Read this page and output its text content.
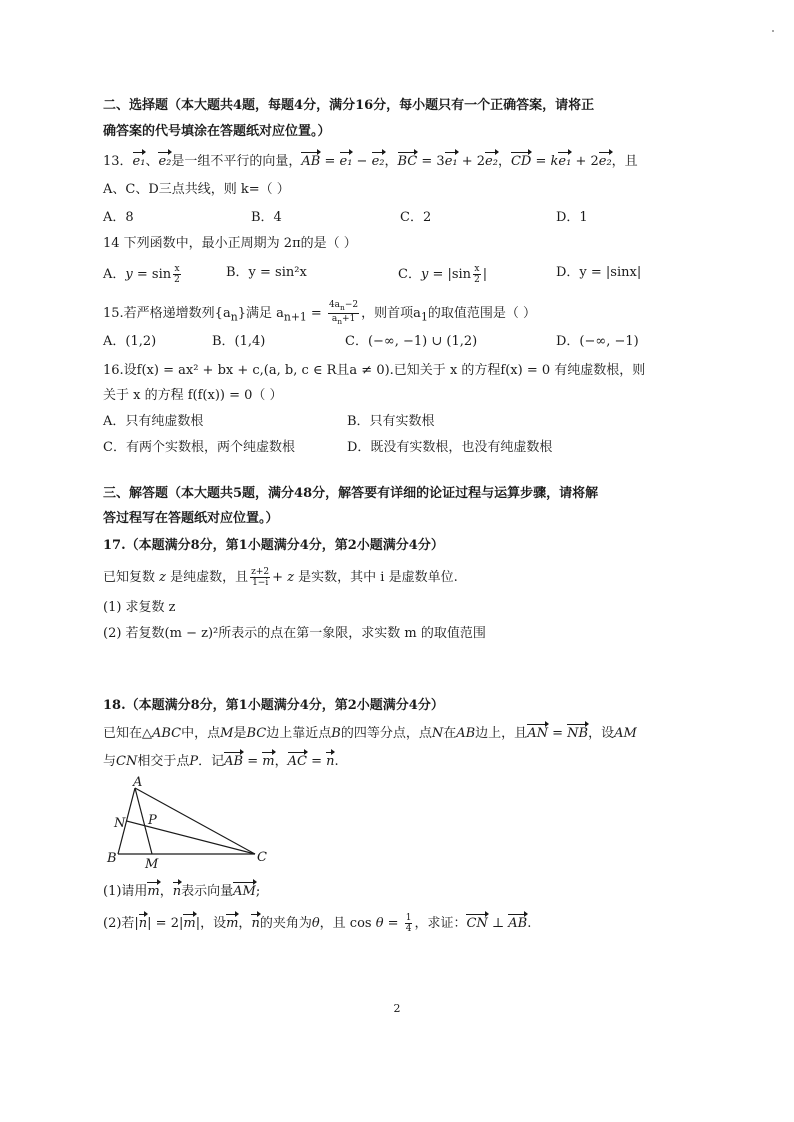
二、选择题（本大题共4题，每题4分，满分16分，每小题只有一个正确答案，请将正
确答案的代号填涂在答题纸对应位置。）
13．e₁、e₂是一组不平行的向量，AB = e₁ − e₂，BC = 3e₁ + 2e₂，CD = ke₁ + 2e₂，且
A、C、D三点共线，则 k=（ ）
A．8	B．4	C．2	D．1
14 下列函数中，最小正周期为 2π的是（ ）
A．$y = \sin \frac{x}{2}$	B．y = sin²x	C．$y = |\sin \frac{x}{2}$ |	D．y = |sinx|
15.若严格递增数列$\{a_n\}$满足 $a_{n+1} = \frac{4a_n-2}{a_n+1}$ ，则首项$a_1$的取值范围是（ ）
A．(1,2)	B．(1,4)	C．(−∞, −1) ∪ (1,2)	D．(−∞, −1)
16.设f(x) = ax² + bx + c,(a, b, c ∈ R且a ≠ 0).已知关于 x 的方程f(x) = 0 有纯虚数根，则
关于 x 的方程 f(f(x)) = 0（ ）
A．只有纯虚数根	B．只有实数根
C．有两个实数根，两个纯虚数根	D．既没有实数根，也没有纯虚数根
三、解答题（本大题共5题，满分48分，解答要有详细的论证过程与运算步骤，请将解
答过程写在答题纸对应位置。）
17.（本题满分8分，第1小题满分4分，第2小题满分4分）
已知复数 z 是纯虚数，且 $\frac{z+2}{1-i} + z$ 是实数，其中 i 是虚数单位.
(1) 求复数 z
(2) 若复数(m − z)²所表示的点在第一象限，求实数 m 的取值范围
18.（本题满分8分，第1小题满分4分，第2小题满分4分）
已知在△ABC中，点M是BC边上靠近点B的四等分点，点N在AB边上，且AN = NB，设AM
与CN相交于点P．记AB = m，AC = n.
A
B	C
M
N P
(1)请用m，n表示向量AM;
(2)若|n| = 2|m|，设m，n的夹角为θ，且 $\cos \theta = \frac{1}{4}$ ，求证：CN ⊥ AB.
2
